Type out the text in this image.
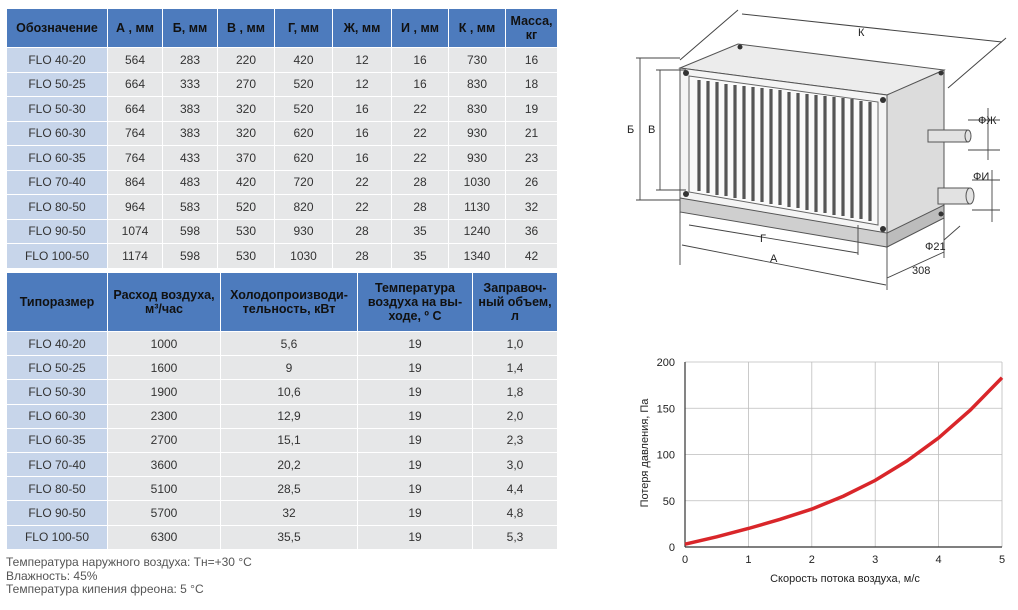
Обозначение	А , мм	Б, мм	В , мм	Г, мм	Ж, мм	И , мм	К , мм	Масса, кг
FLO 40-20	564	283	220	420	12	16	730	16
FLO 50-25	664	333	270	520	12	16	830	18
FLO 50-30	664	383	320	520	16	22	830	19
FLO 60-30	764	383	320	620	16	22	930	21
FLO 60-35	764	433	370	620	16	22	930	23
FLO 70-40	864	483	420	720	22	28	1030	26
FLO 80-50	964	583	520	820	22	28	1130	32
FLO 90-50	1074	598	530	930	28	35	1240	36
FLO 100-50	1174	598	530	1030	28	35	1340	42
Типоразмер	Расход воздуха, м³/час	Холодопроизводи-тельность, кВт	Температура воздуха на вы-ходе, º С	Заправоч-ный объем, л
FLO 40-20	1000	5,6	19	1,0
FLO 50-25	1600	9	19	1,4
FLO 50-30	1900	10,6	19	1,8
FLO 60-30	2300	12,9	19	2,0
FLO 60-35	2700	15,1	19	2,3
FLO 70-40	3600	20,2	19	3,0
FLO 80-50	5100	28,5	19	4,4
FLO 90-50	5700	32	19	4,8
FLO 100-50	6300	35,5	19	5,3
Температура наружного воздуха: Tн=+30 °С
Влажность: 45%
Температура кипения фреона: 5 °С
К
Б В
Г
А
ФЖ
ФИ
Ф21
308
0	1	2	3	4	5
0
50
100
150
200
Потеря давления, Па
Скорость потока воздуха, м/с
